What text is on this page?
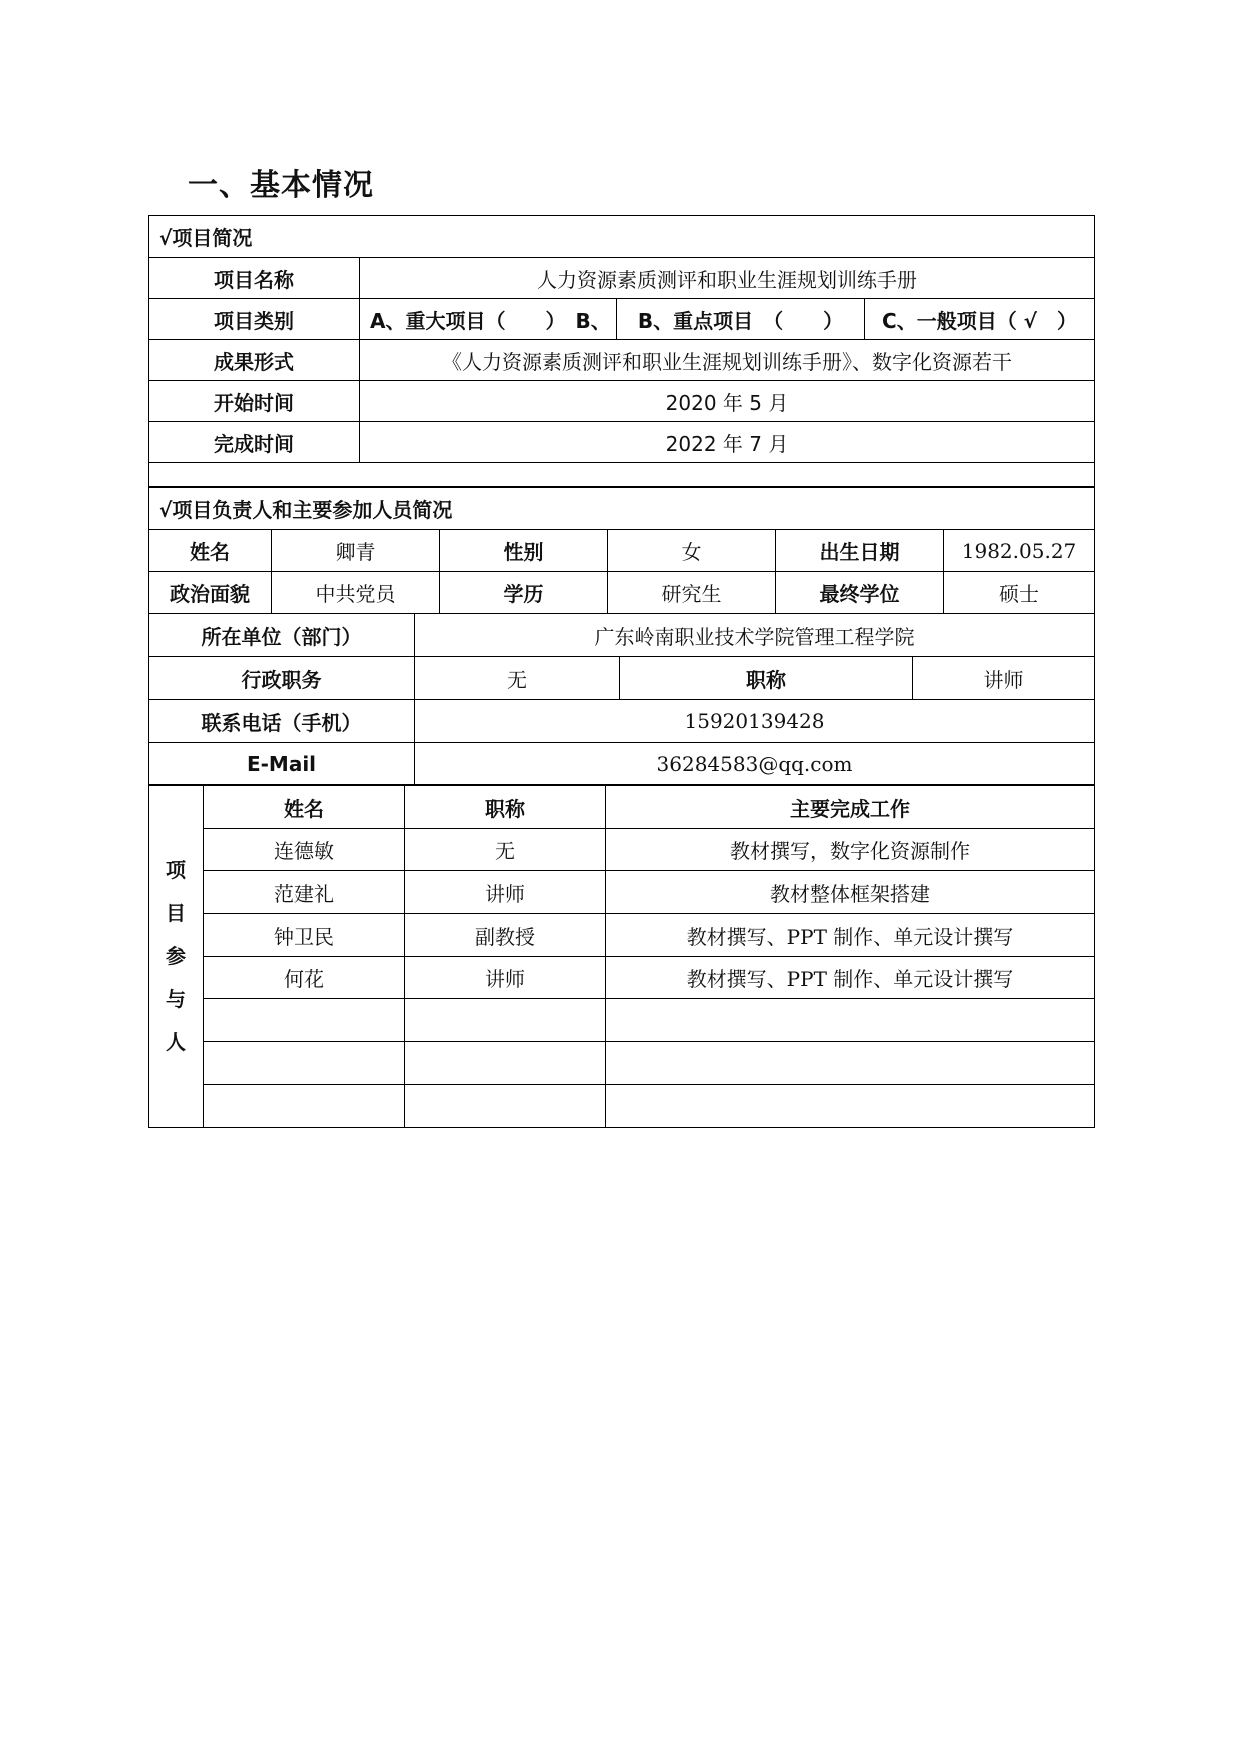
一、基本情况
√项目简况			
项目名称	人力资源素质测评和职业生涯规划训练手册		
项目类别	A、重大项目（　　）　B、	B、重点项目　（　　）	C、一般项目（ √　）
成果形式	《人力资源素质测评和职业生涯规划训练手册》、数字化资源若干		
开始时间	2020 年 5 月		
完成时间	2022 年 7 月		

√项目负责人和主要参加人员简况					
姓名	卿青	性别	女	出生日期	1982.05.27
政治面貌	中共党员	学历	研究生	最终学位	硕士
所在单位（部门）	广东岭南职业技术学院管理工程学院		
行政职务	无	职称	讲师
联系电话（手机）	15920139428		
E-Mail	36284583@qq.com		
项
目
参
与
人	姓名	职称	主要完成工作
	连德敏	无	教材撰写，数字化资源制作
	范建礼	讲师	教材整体框架搭建
	钟卫民	副教授	教材撰写、PPT 制作、单元设计撰写
	何花	讲师	教材撰写、PPT 制作、单元设计撰写
